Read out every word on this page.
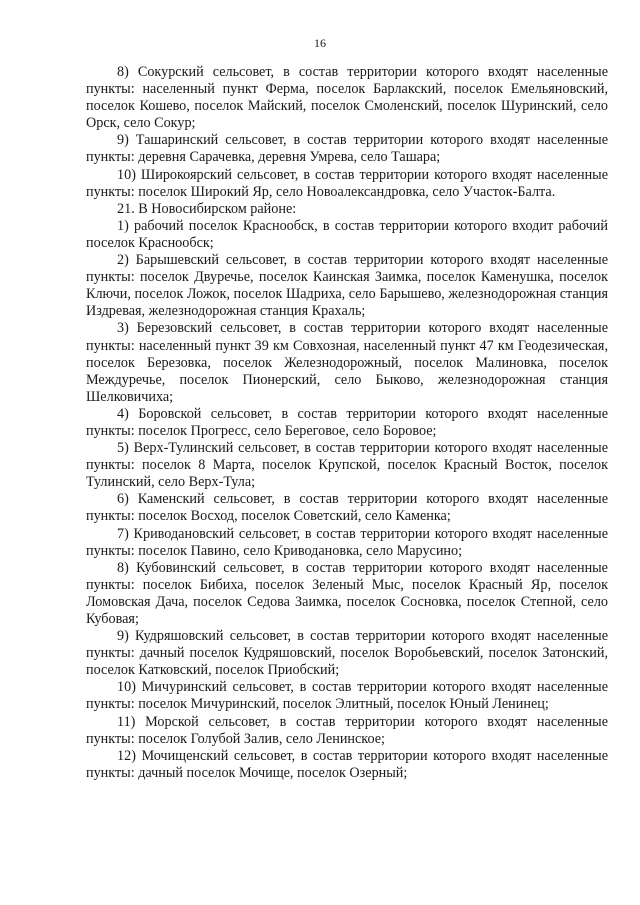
16

8) Сокурский сельсовет, в состав территории которого входят населенные пункты: населенный пункт Ферма, поселок Барлакский, поселок Емельяновский, поселок Кошево, поселок Майский, поселок Смоленский, поселок Шуринский, село Орск, село Сокур;

9) Ташаринский сельсовет, в состав территории которого входят населенные пункты: деревня Сарачевка, деревня Умрева, село Ташара;

10) Широкоярский сельсовет, в состав территории которого входят населенные пункты: поселок Широкий Яр, село Новоалександровка, село Участок-Балта.

21. В Новосибирском районе:

1) рабочий поселок Краснообск, в состав территории которого входит рабочий поселок Краснообск;

2) Барышевский сельсовет, в состав территории которого входят населенные пункты: поселок Двуречье, поселок Каинская Заимка, поселок Каменушка, поселок Ключи, поселок Ложок, поселок Шадриха, село Барышево, железнодорожная станция Издревая, железнодорожная станция Крахаль;

3) Березовский сельсовет, в состав территории которого входят населенные пункты: населенный пункт 39 км Совхозная, населенный пункт 47 км Геодезическая, поселок Березовка, поселок Железнодорожный, поселок Малиновка, поселок Междуречье, поселок Пионерский, село Быково, железнодорожная станция Шелковичиха;

4) Боровской сельсовет, в состав территории которого входят населенные пункты: поселок Прогресс, село Береговое, село Боровое;

5) Верх-Тулинский сельсовет, в состав территории которого входят населенные пункты: поселок 8 Марта, поселок Крупской, поселок Красный Восток, поселок Тулинский, село Верх-Тула;

6) Каменский сельсовет, в состав территории которого входят населенные пункты: поселок Восход, поселок Советский, село Каменка;

7) Криводановский сельсовет, в состав территории которого входят населенные пункты: поселок Павино, село Криводановка, село Марусино;

8) Кубовинский сельсовет, в состав территории которого входят населенные пункты: поселок Бибиха, поселок Зеленый Мыс, поселок Красный Яр, поселок Ломовская Дача, поселок Седова Заимка, поселок Сосновка, поселок Степной, село Кубовая;

9) Кудряшовский сельсовет, в состав территории которого входят населенные пункты: дачный поселок Кудряшовский, поселок Воробьевский, поселок Затонский, поселок Катковский, поселок Приобский;

10) Мичуринский сельсовет, в состав территории которого входят населенные пункты: поселок Мичуринский, поселок Элитный, поселок Юный Ленинец;

11) Морской сельсовет, в состав территории которого входят населенные пункты: поселок Голубой Залив, село Ленинское;

12) Мочищенский сельсовет, в состав территории которого входят населенные пункты: дачный поселок Мочище, поселок Озерный;
